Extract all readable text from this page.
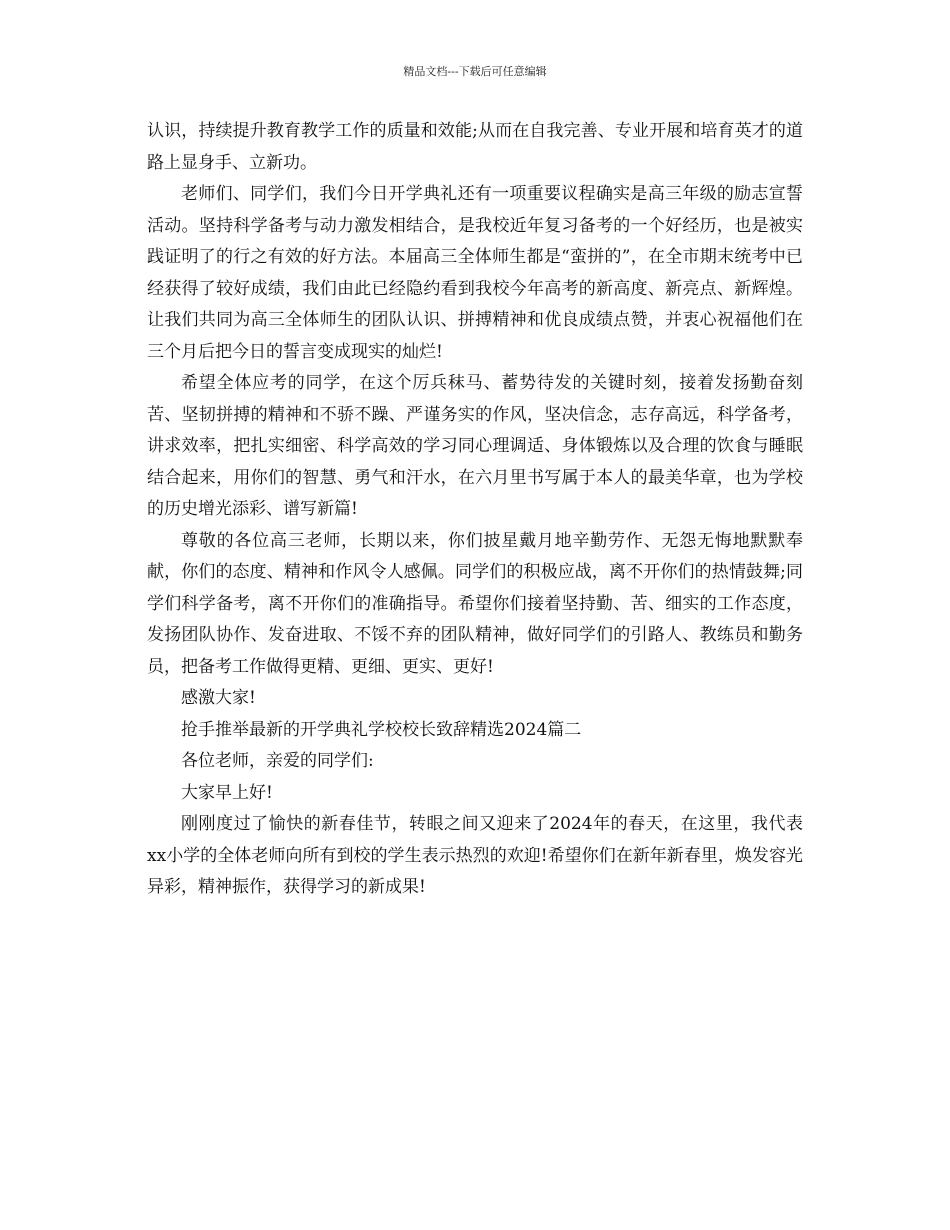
精品文档---下载后可任意编辑

认识，持续提升教育教学工作的质量和效能;从而在自我完善、专业开展和培育英才的道路上显身手、立新功。

老师们、同学们，我们今日开学典礼还有一项重要议程确实是高三年级的励志宣誓活动。坚持科学备考与动力激发相结合，是我校近年复习备考的一个好经历，也是被实践证明了的行之有效的好方法。本届高三全体师生都是“蛮拼的”，在全市期末统考中已经获得了较好成绩，我们由此已经隐约看到我校今年高考的新高度、新亮点、新辉煌。让我们共同为高三全体师生的团队认识、拼搏精神和优良成绩点赞，并衷心祝福他们在三个月后把今日的誓言变成现实的灿烂!

希望全体应考的同学，在这个厉兵秣马、蓄势待发的关键时刻，接着发扬勤奋刻苦、坚韧拼搏的精神和不骄不躁、严谨务实的作风，坚决信念，志存高远，科学备考，讲求效率，把扎实细密、科学高效的学习同心理调适、身体锻炼以及合理的饮食与睡眠结合起来，用你们的智慧、勇气和汗水，在六月里书写属于本人的最美华章，也为学校的历史增光添彩、谱写新篇!

尊敬的各位高三老师，长期以来，你们披星戴月地辛勤劳作、无怨无悔地默默奉献，你们的态度、精神和作风令人感佩。同学们的积极应战，离不开你们的热情鼓舞;同学们科学备考，离不开你们的准确指导。希望你们接着坚持勤、苦、细实的工作态度，发扬团队协作、发奋进取、不馁不弃的团队精神，做好同学们的引路人、教练员和勤务员，把备考工作做得更精、更细、更实、更好!

感激大家!

抢手推举最新的开学典礼学校校长致辞精选2024篇二

各位老师，亲爱的同学们:

大家早上好!

刚刚度过了愉快的新春佳节，转眼之间又迎来了2024年的春天，在这里，我代表xx小学的全体老师向所有到校的学生表示热烈的欢迎!希望你们在新年新春里，焕发容光异彩，精神振作，获得学习的新成果!
